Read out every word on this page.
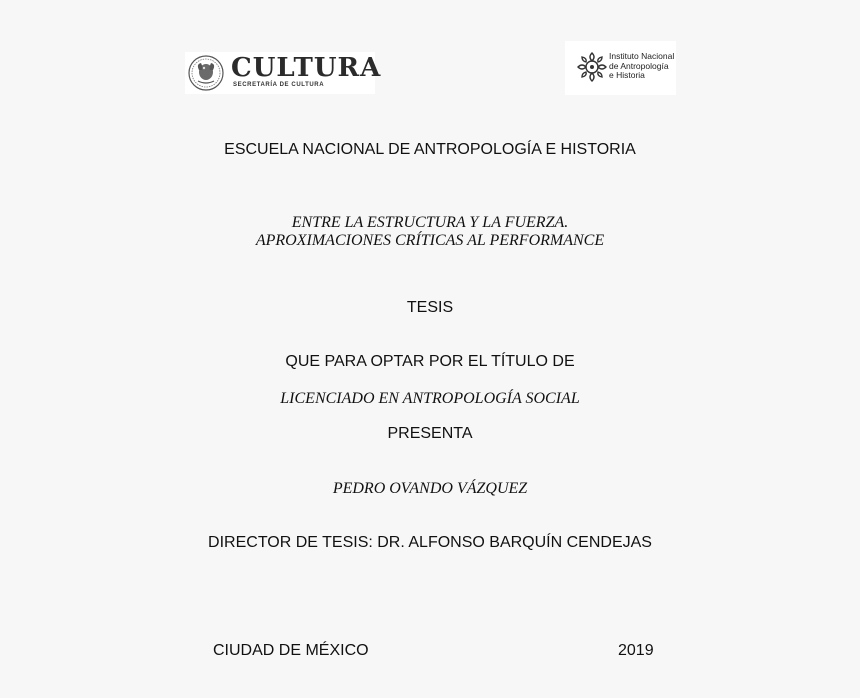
CULTURA
SECRETARÍA DE CULTURA
Instituto Nacional
de Antropología
e Historia
ESCUELA NACIONAL DE ANTROPOLOGÍA E HISTORIA
ENTRE LA ESTRUCTURA Y LA FUERZA.
APROXIMACIONES CRÍTICAS AL PERFORMANCE
TESIS
QUE PARA OPTAR POR EL TÍTULO DE
LICENCIADO EN ANTROPOLOGÍA SOCIAL
PRESENTA
PEDRO OVANDO VÁZQUEZ
DIRECTOR DE TESIS: DR. ALFONSO BARQUÍN CENDEJAS
CIUDAD DE MÉXICO	2019
